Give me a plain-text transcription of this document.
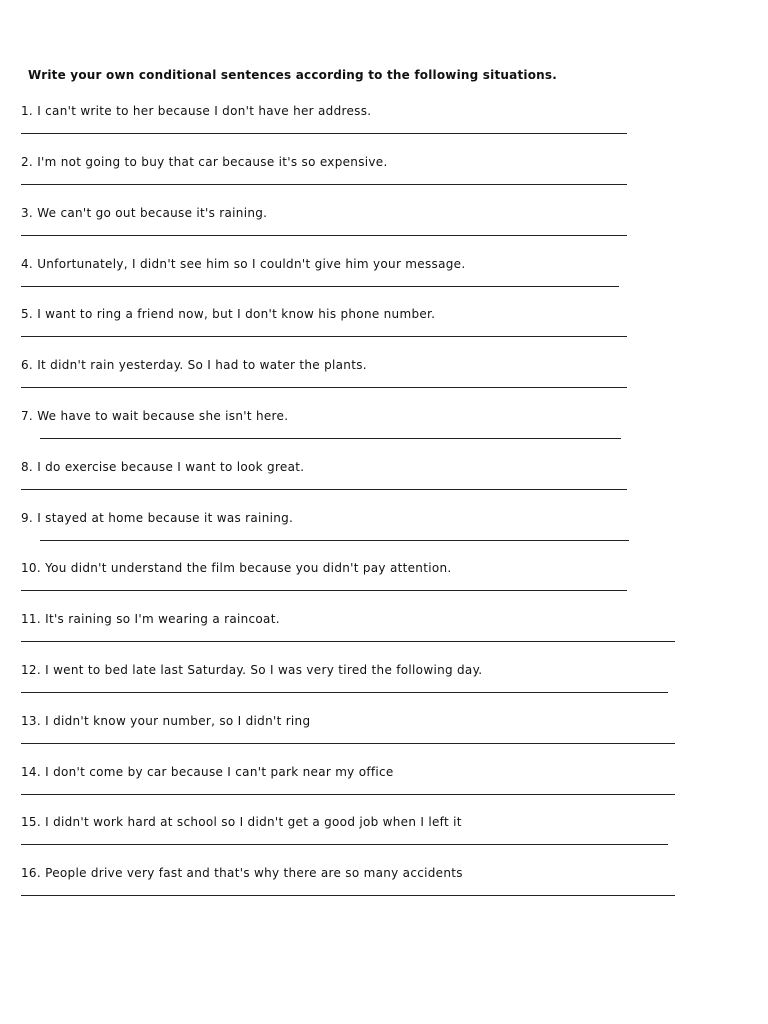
Write your own conditional sentences according to the following situations.
1. I can't write to her because I don't have her address.
2. I'm not going to buy that car because it's so expensive.
3. We can't go out because it's raining.
4. Unfortunately, I didn't see him so I couldn't give him your message.
5. I want to ring a friend now, but I don't know his phone number.
6. It didn't rain yesterday. So I had to water the plants.
7. We have to wait because she isn't here.
8. I do exercise because I want to look great.
9. I stayed at home because it was raining.
10. You didn't understand the film because you didn't pay attention.
11. It's raining so I'm wearing a raincoat.
12. I went to bed late last Saturday. So I was very tired the following day.
13. I didn't know your number, so I didn't ring
14. I don't come by car because I can't park near my office
15. I didn't work hard at school so I didn't get a good job when I left it
16. People drive very fast and that's why there are so many accidents
